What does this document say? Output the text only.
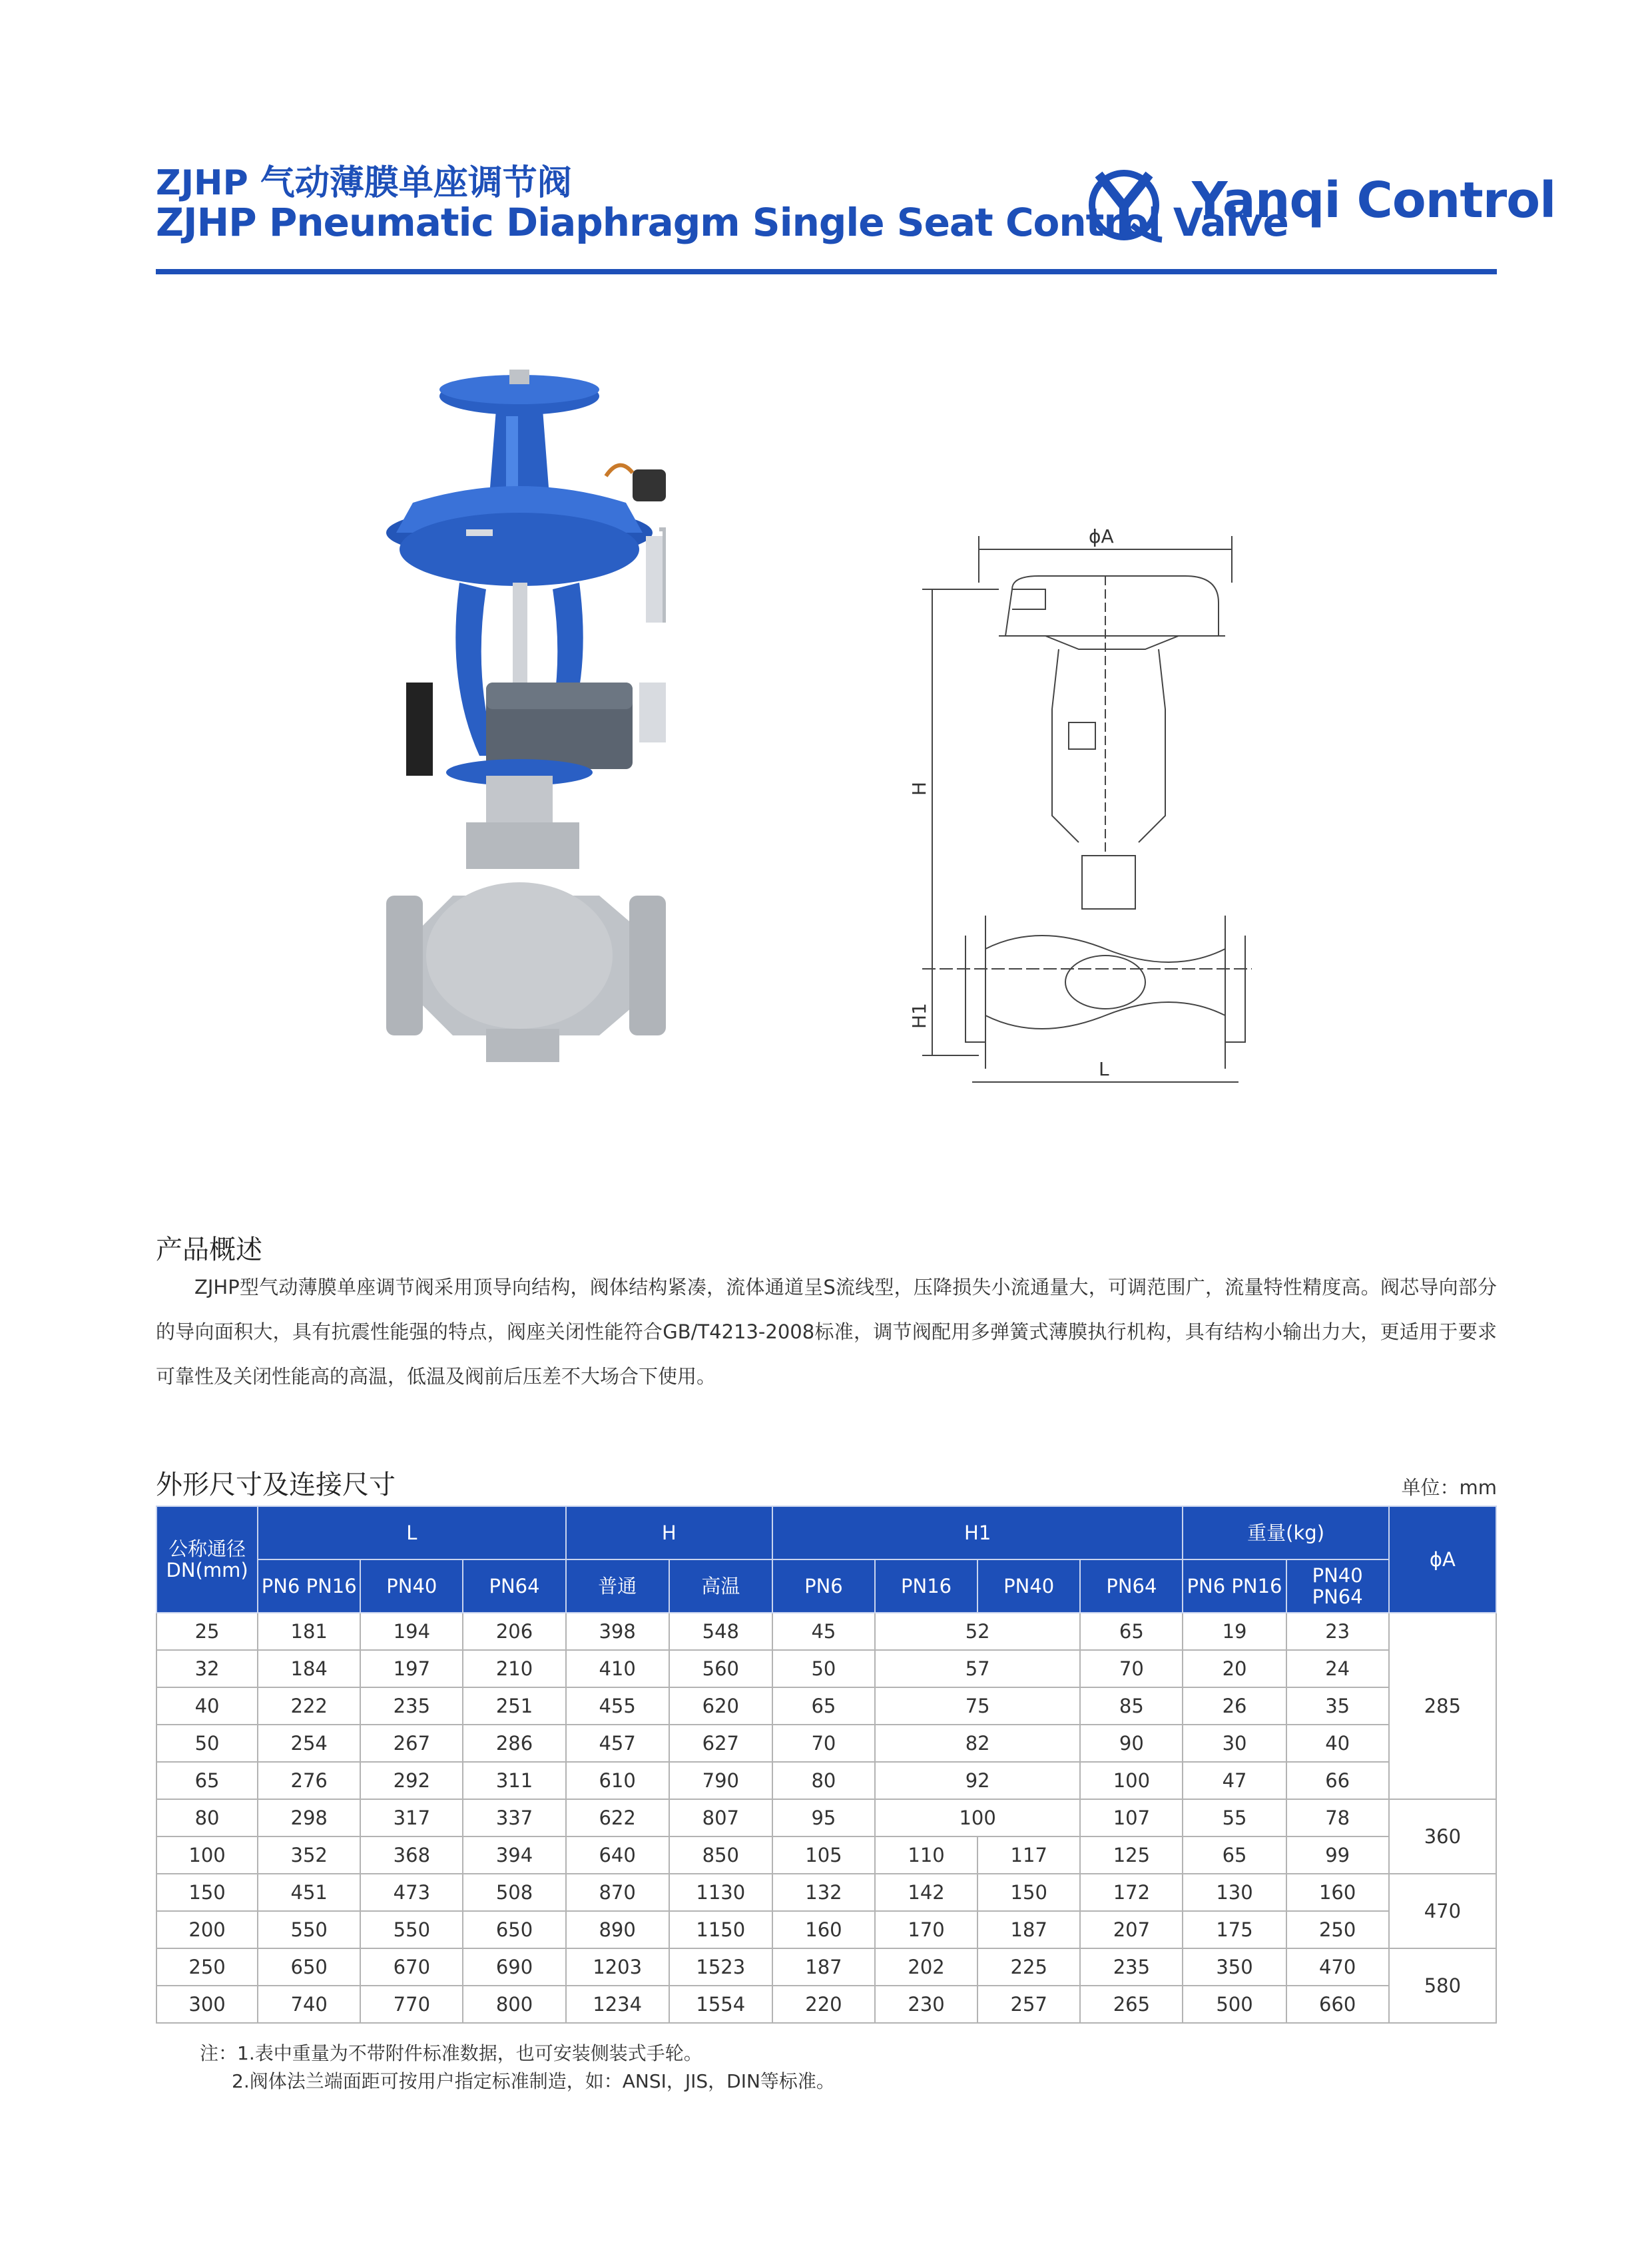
ZJHP 气动薄膜单座调节阀
ZJHP Pneumatic Diaphragm Single Seat Control Valve
Yanqi Control
ϕA
H
H1
L
产品概述
ZJHP型气动薄膜单座调节阀采用顶导向结构，阀体结构紧凑，流体通道呈S流线型，压降损失小流通量大，可调范围广，流量特性精度高。阀芯导向部分的导向面积大，具有抗震性能强的特点，阀座关闭性能符合GB/T4213-2008标准，调节阀配用多弹簧式薄膜执行机构，具有结构小输出力大，更适用于要求可靠性及关闭性能高的高温，低温及阀前后压差不大场合下使用。
外形尺寸及连接尺寸	单位：mm
公称通径 DN(mm)	L			H		H1				重量(kg)		ϕA
	PN6 PN16	PN40	PN64	普通	高温	PN6	PN16	PN40	PN64	PN6 PN16	PN40 PN64	
25	181	194	206	398	548	45	52		65	19	23	285
32	184	197	210	410	560	50	57		70	20	24	
40	222	235	251	455	620	65	75		85	26	35	
50	254	267	286	457	627	70	82		90	30	40	
65	276	292	311	610	790	80	92		100	47	66	
80	298	317	337	622	807	95	100		107	55	78	360
100	352	368	394	640	850	105	110	117	125	65	99	
150	451	473	508	870	1130	132	142	150	172	130	160	470
200	550	550	650	890	1150	160	170	187	207	175	250	
250	650	670	690	1203	1523	187	202	225	235	350	470	580
300	740	770	800	1234	1554	220	230	257	265	500	660	
注：1.表中重量为不带附件标准数据，也可安装侧装式手轮。
2.阀体法兰端面距可按用户指定标准制造，如：ANSI，JIS，DIN等标准。
